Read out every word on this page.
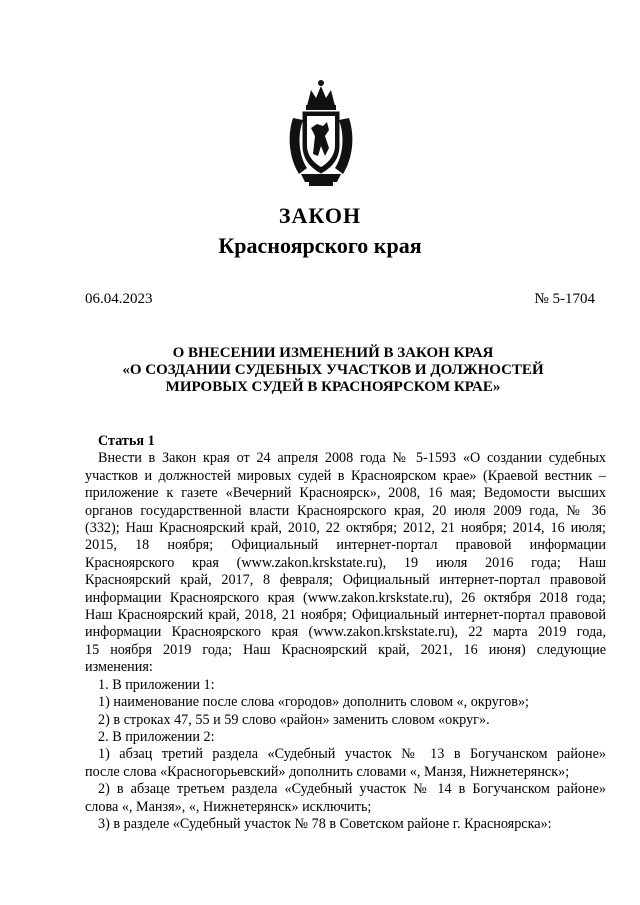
ЗАКОН
Красноярского края
06.04.2023	№ 5-1704
О ВНЕСЕНИИ ИЗМЕНЕНИЙ В ЗАКОН КРАЯ
«О СОЗДАНИИ СУДЕБНЫХ УЧАСТКОВ И ДОЛЖНОСТЕЙ
МИРОВЫХ СУДЕЙ В КРАСНОЯРСКОМ КРАЕ»
Статья 1
Внести в Закон края от 24 апреля 2008 года № 5-1593 «О создании судебных
участков и должностей мировых судей в Красноярском крае» (Краевой вестник –
приложение к газете «Вечерний Красноярск», 2008, 16 мая; Ведомости высших
органов государственной власти Красноярского края, 20 июля 2009 года, № 36
(332); Наш Красноярский край, 2010, 22 октября; 2012, 21 ноября; 2014, 16 июля;
2015, 18 ноября; Официальный интернет-портал правовой информации
Красноярского края (www.zakon.krskstate.ru), 19 июля 2016 года; Наш
Красноярский край, 2017, 8 февраля; Официальный интернет-портал правовой
информации Красноярского края (www.zakon.krskstate.ru), 26 октября 2018 года;
Наш Красноярский край, 2018, 21 ноября; Официальный интернет-портал правовой
информации Красноярского края (www.zakon.krskstate.ru), 22 марта 2019 года,
15 ноября 2019 года; Наш Красноярский край, 2021, 16 июня) следующие
изменения:
1. В приложении 1:
1) наименование после слова «городов» дополнить словом «, округов»;
2) в строках 47, 55 и 59 слово «район» заменить словом «округ».
2. В приложении 2:
1) абзац третий раздела «Судебный участок № 13 в Богучанском районе»
после слова «Красногорьевский» дополнить словами «, Манзя, Нижнетерянск»;
2) в абзаце третьем раздела «Судебный участок № 14 в Богучанском районе»
слова «, Манзя», «, Нижнетерянск» исключить;
3) в разделе «Судебный участок № 78 в Советском районе г. Красноярска»:
